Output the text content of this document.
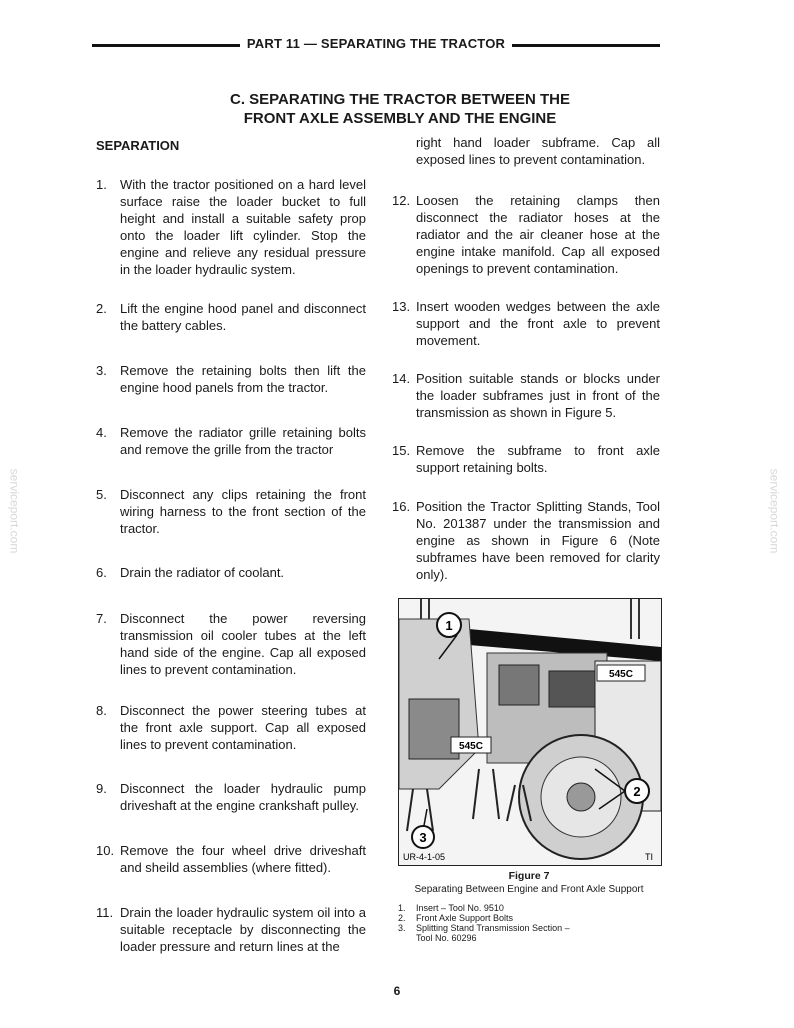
PART 11 — SEPARATING THE TRACTOR
C. SEPARATING THE TRACTOR BETWEEN THE
FRONT AXLE ASSEMBLY AND THE ENGINE
SEPARATION
1. With the tractor positioned on a hard level surface raise the loader bucket to full height and install a suitable safety prop onto the loader lift cylinder. Stop the engine and relieve any residual pressure in the loader hydraulic system.
2. Lift the engine hood panel and disconnect the battery cables.
3. Remove the retaining bolts then lift the engine hood panels from the tractor.
4. Remove the radiator grille retaining bolts and remove the grille from the tractor
5. Disconnect any clips retaining the front wiring harness to the front section of the tractor.
6. Drain the radiator of coolant.
7. Disconnect the power reversing transmission oil cooler tubes at the left hand side of the engine. Cap all exposed lines to prevent contamination.
8. Disconnect the power steering tubes at the front axle support. Cap all exposed lines to prevent contamination.
9. Disconnect the loader hydraulic pump driveshaft at the engine crankshaft pulley.
10. Remove the four wheel drive driveshaft and sheild assemblies (where fitted).
11. Drain the loader hydraulic system oil into a suitable receptacle by disconnecting the loader pressure and return lines at the
right hand loader subframe. Cap all exposed lines to prevent contamination.
12. Loosen the retaining clamps then disconnect the radiator hoses at the radiator and the air cleaner hose at the engine intake manifold. Cap all exposed openings to prevent contamination.
13. Insert wooden wedges between the axle support and the front axle to prevent movement.
14. Position suitable stands or blocks under the loader subframes just in front of the transmission as shown in Figure 5.
15. Remove the subframe to front axle support retaining bolts.
16. Position the Tractor Splitting Stands, Tool No. 201387 under the transmission and engine as shown in Figure 6 (Note subframes have been removed for clarity only).
545C
545C
1
2
3
UR-4-1-05	TI
Figure 7
Separating Between Engine and Front Axle Support
1. Insert – Tool No. 9510
2. Front Axle Support Bolts
3. Splitting Stand Transmission Section – Tool No. 60296
6
serviceport.com	serviceport.com
